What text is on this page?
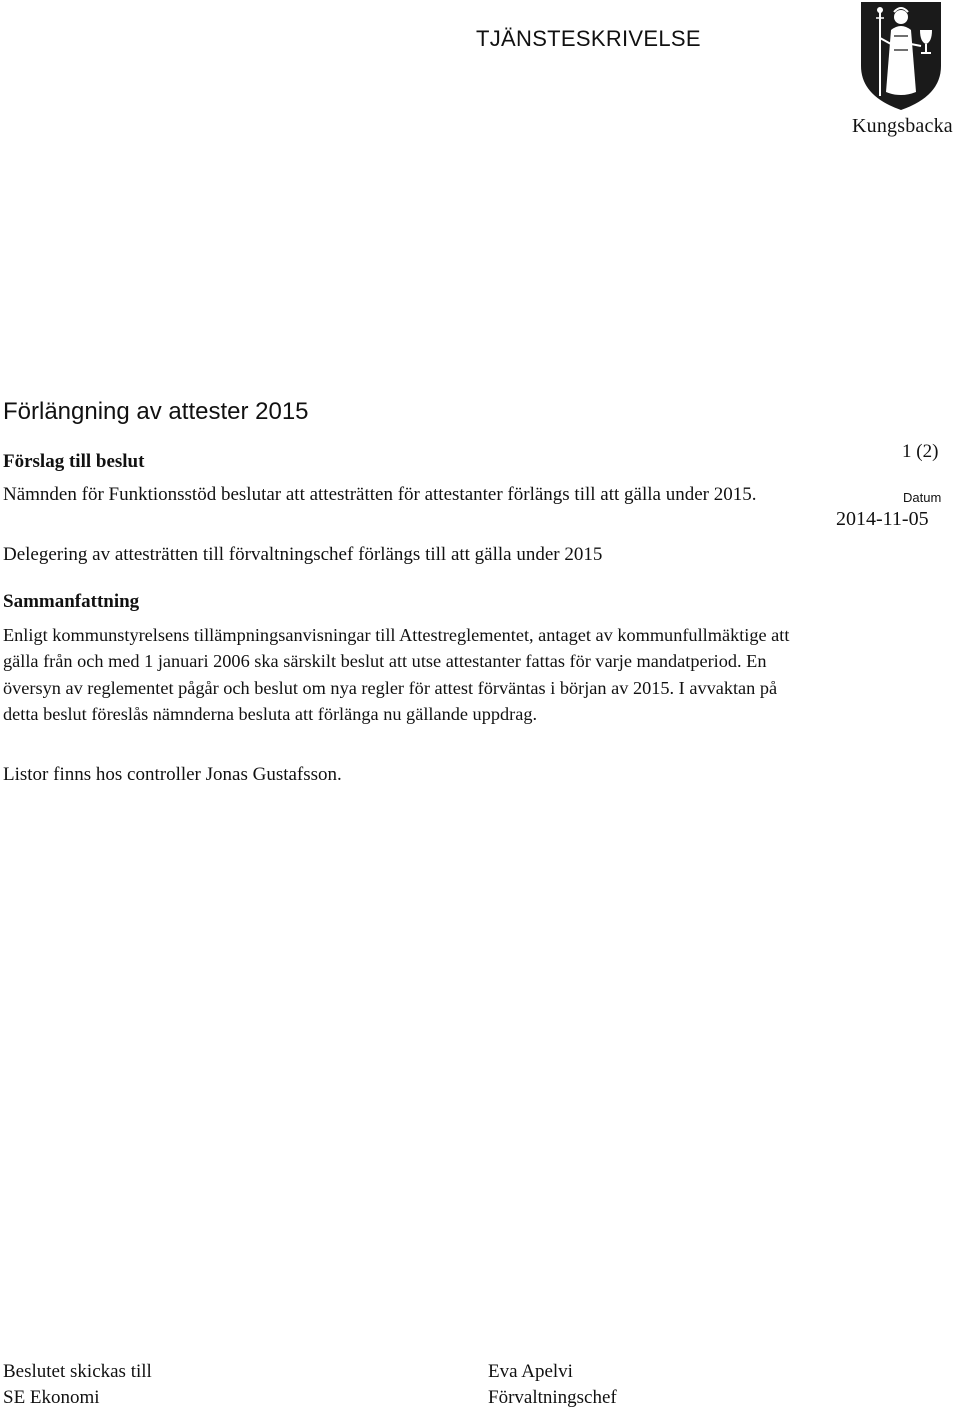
TJÄNSTESKRIVELSE
Kungsbacka
1 (2)
Datum
2014-11-05
Förlängning av attester 2015
Förslag till beslut
Nämnden för Funktionsstöd beslutar att attesträtten för attestanter förlängs till att gälla under 2015.
Delegering av attesträtten till förvaltningschef förlängs till att gälla under 2015
Sammanfattning
Enligt kommunstyrelsens tillämpningsanvisningar till Attestreglementet, antaget av kommunfullmäktige att gälla från och med 1 januari 2006 ska särskilt beslut att utse attestanter fattas för varje mandatperiod. En översyn av reglementet pågår och beslut om nya regler för attest förväntas i början av 2015. I avvaktan på detta beslut föreslås nämnderna besluta att förlänga nu gällande uppdrag.
Listor finns hos controller Jonas Gustafsson.
Beslutet skickas till
SE Ekonomi
Eva Apelvi
Förvaltningschef
